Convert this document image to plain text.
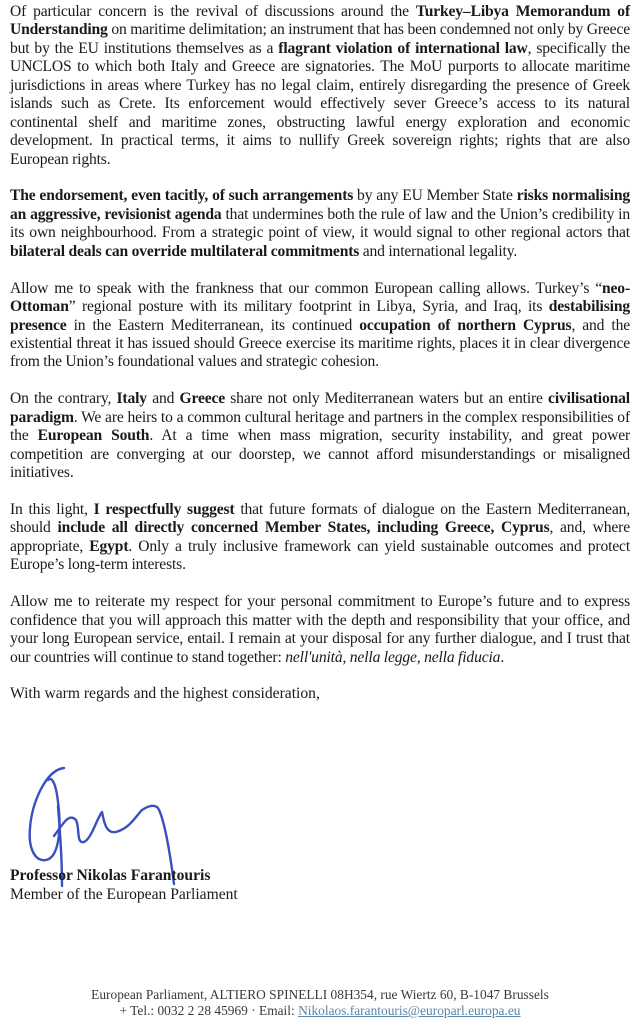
Of particular concern is the revival of discussions around the Turkey–Libya Memorandum of Understanding on maritime delimitation; an instrument that has been condemned not only by Greece but by the EU institutions themselves as a flagrant violation of international law, specifically the UNCLOS to which both Italy and Greece are signatories. The MoU purports to allocate maritime jurisdictions in areas where Turkey has no legal claim, entirely disregarding the presence of Greek islands such as Crete. Its enforcement would effectively sever Greece’s access to its natural continental shelf and maritime zones, obstructing lawful energy exploration and economic development. In practical terms, it aims to nullify Greek sovereign rights; rights that are also European rights.

The endorsement, even tacitly, of such arrangements by any EU Member State risks normalising an aggressive, revisionist agenda that undermines both the rule of law and the Union’s credibility in its own neighbourhood. From a strategic point of view, it would signal to other regional actors that bilateral deals can override multilateral commitments and international legality.

Allow me to speak with the frankness that our common European calling allows. Turkey’s “neo-Ottoman” regional posture with its military footprint in Libya, Syria, and Iraq, its destabilising presence in the Eastern Mediterranean, its continued occupation of northern Cyprus, and the existential threat it has issued should Greece exercise its maritime rights, places it in clear divergence from the Union’s foundational values and strategic cohesion.

On the contrary, Italy and Greece share not only Mediterranean waters but an entire civilisational paradigm. We are heirs to a common cultural heritage and partners in the complex responsibilities of the European South. At a time when mass migration, security instability, and great power competition are converging at our doorstep, we cannot afford misunderstandings or misaligned initiatives.

In this light, I respectfully suggest that future formats of dialogue on the Eastern Mediterranean, should include all directly concerned Member States, including Greece, Cyprus, and, where appropriate, Egypt. Only a truly inclusive framework can yield sustainable outcomes and protect Europe’s long-term interests.

Allow me to reiterate my respect for your personal commitment to Europe’s future and to express confidence that you will approach this matter with the depth and responsibility that your office, and your long European service, entail. I remain at your disposal for any further dialogue, and I trust that our countries will continue to stand together: nell'unità, nella legge, nella fiducia.

With warm regards and the highest consideration,

Professor Nikolas Farantouris
Member of the European Parliament
European Parliament, ALTIERO SPINELLI 08H354, rue Wiertz 60, B-1047 Brussels
+ Tel.: 0032 2 28 45969 · Email: Nikolaos.farantouris@europarl.europa.eu
